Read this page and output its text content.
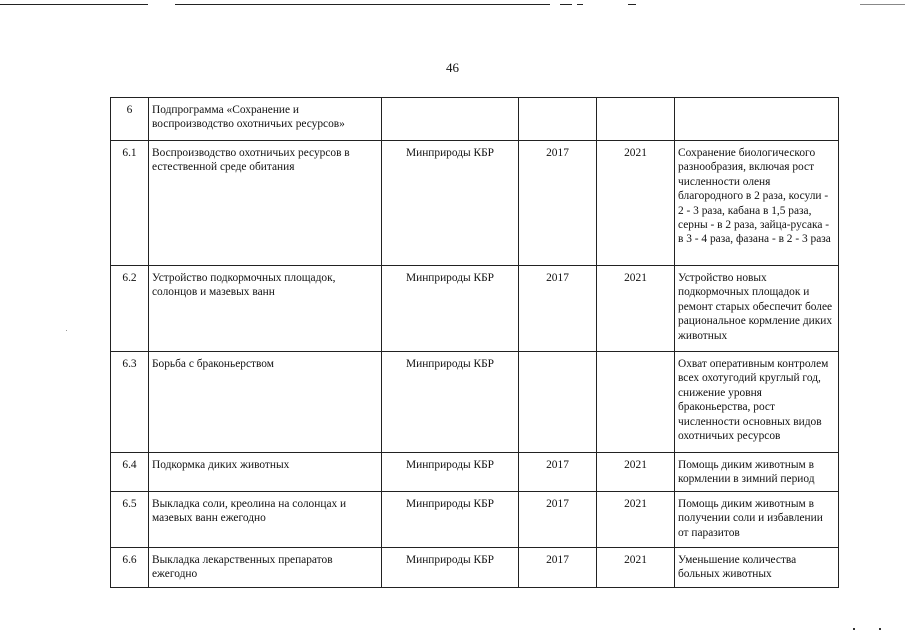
46
6	Подпрограмма «Сохранение и воспроизводство охотничьих ресурсов»				
6.1	Воспроизводство охотничьих ресурсов в естественной среде обитания	Минприроды КБР	2017	2021	Сохранение биологического разнообразия, включая рост численности оленя благородного в 2 раза, косули - 2 - 3 раза, кабана в 1,5 раза, серны - в 2 раза, зайца-русака - в 3 - 4 раза, фазана - в 2 - 3 раза
6.2	Устройство подкормочных площадок, солонцов и мазевых ванн	Минприроды КБР	2017	2021	Устройство новых подкормочных площадок и ремонт старых обеспечит более рациональное кормление диких животных
6.3	Борьба с браконьерством	Минприроды КБР			Охват оперативным контролем всех охотугодий круглый год, снижение уровня браконьерства, рост численности основных видов охотничьих ресурсов
6.4	Подкормка диких животных	Минприроды КБР	2017	2021	Помощь диким животным в кормлении в зимний период
6.5	Выкладка соли, креолина на солонцах и мазевых ванн ежегодно	Минприроды КБР	2017	2021	Помощь диким животным в получении соли и избавлении от паразитов
6.6	Выкладка лекарственных препаратов ежегодно	Минприроды КБР	2017	2021	Уменьшение количества больных животных
